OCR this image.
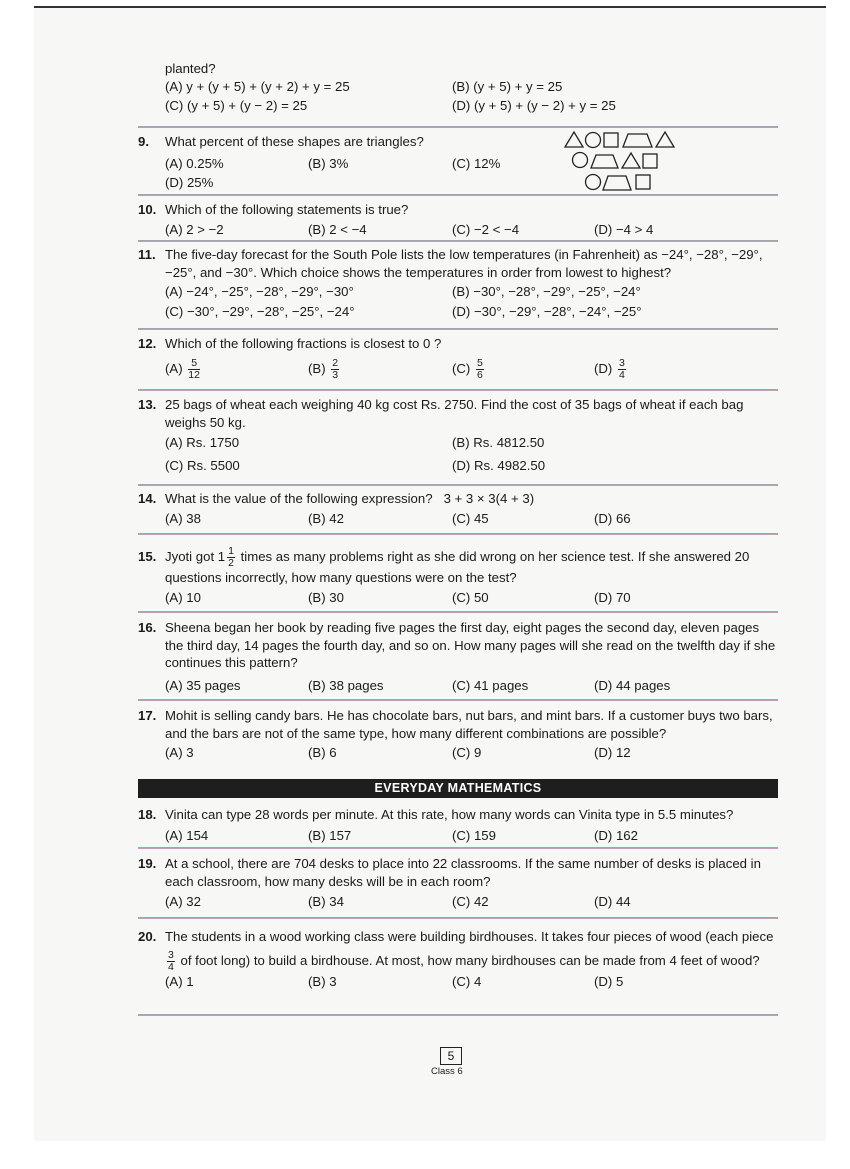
planted?
(A) y + (y + 5) + (y + 2) + y = 25	(B) (y + 5) + y = 25
(C) (y + 5) + (y − 2) = 25	(D) (y + 5) + (y − 2) + y = 25
9. What percent of these shapes are triangles?
(A) 0.25%	(B) 3%	(C) 12%
(D) 25%
10. Which of the following statements is true?
(A) 2 > −2	(B) 2 < −4	(C) −2 < −4	(D) −4 > 4
11. The five-day forecast for the South Pole lists the low temperatures (in Fahrenheit) as −24°, −28°, −29°, −25°, and −30°. Which choice shows the temperatures in order from lowest to highest?
(A) −24°, −25°, −28°, −29°, −30°	(B) −30°, −28°, −29°, −25°, −24°
(C) −30°, −29°, −28°, −25°, −24°	(D) −30°, −29°, −28°, −24°, −25°
12. Which of the following fractions is closest to 0 ?
$(A) \frac{5}{12}$	$(B) \frac{2}{3}$	$(C) \frac{5}{6}$	$(D) \frac{3}{4}$
13. 25 bags of wheat each weighing 40 kg cost Rs. 2750. Find the cost of 35 bags of wheat if each bag weighs 50 kg.
(A) Rs. 1750	(B) Rs. 4812.50
(C) Rs. 5500	(D) Rs. 4982.50
14. What is the value of the following expression? 3 + 3 × 3(4 + 3)
(A) 38	(B) 42	(C) 45	(D) 66
15. Jyoti got $1 \frac{1}{2}$ times as many problems right as she did wrong on her science test. If she answered 20 questions incorrectly, how many questions were on the test?
(A) 10	(B) 30	(C) 50	(D) 70
16. Sheena began her book by reading five pages the first day, eight pages the second day, eleven pages the third day, 14 pages the fourth day, and so on. How many pages will she read on the twelfth day if she continues this pattern?
(A) 35 pages	(B) 38 pages	(C) 41 pages	(D) 44 pages
17. Mohit is selling candy bars. He has chocolate bars, nut bars, and mint bars. If a customer buys two bars, and the bars are not of the same type, how many different combinations are possible?
(A) 3	(B) 6	(C) 9	(D) 12
EVERYDAY MATHEMATICS
18. Vinita can type 28 words per minute. At this rate, how many words can Vinita type in 5.5 minutes?
(A) 154	(B) 157	(C) 159	(D) 162
19. At a school, there are 704 desks to place into 22 classrooms. If the same number of desks is placed in each classroom, how many desks will be in each room?
(A) 32	(B) 34	(C) 42	(D) 44
20. The students in a wood working class were building birdhouses. It takes four pieces of wood (each piece
$\frac{3}{4}$ of foot long) to build a birdhouse. At most, how many birdhouses can be made from 4 feet of wood?
(A) 1	(B) 3	(C) 4	(D) 5
5
Class 6
